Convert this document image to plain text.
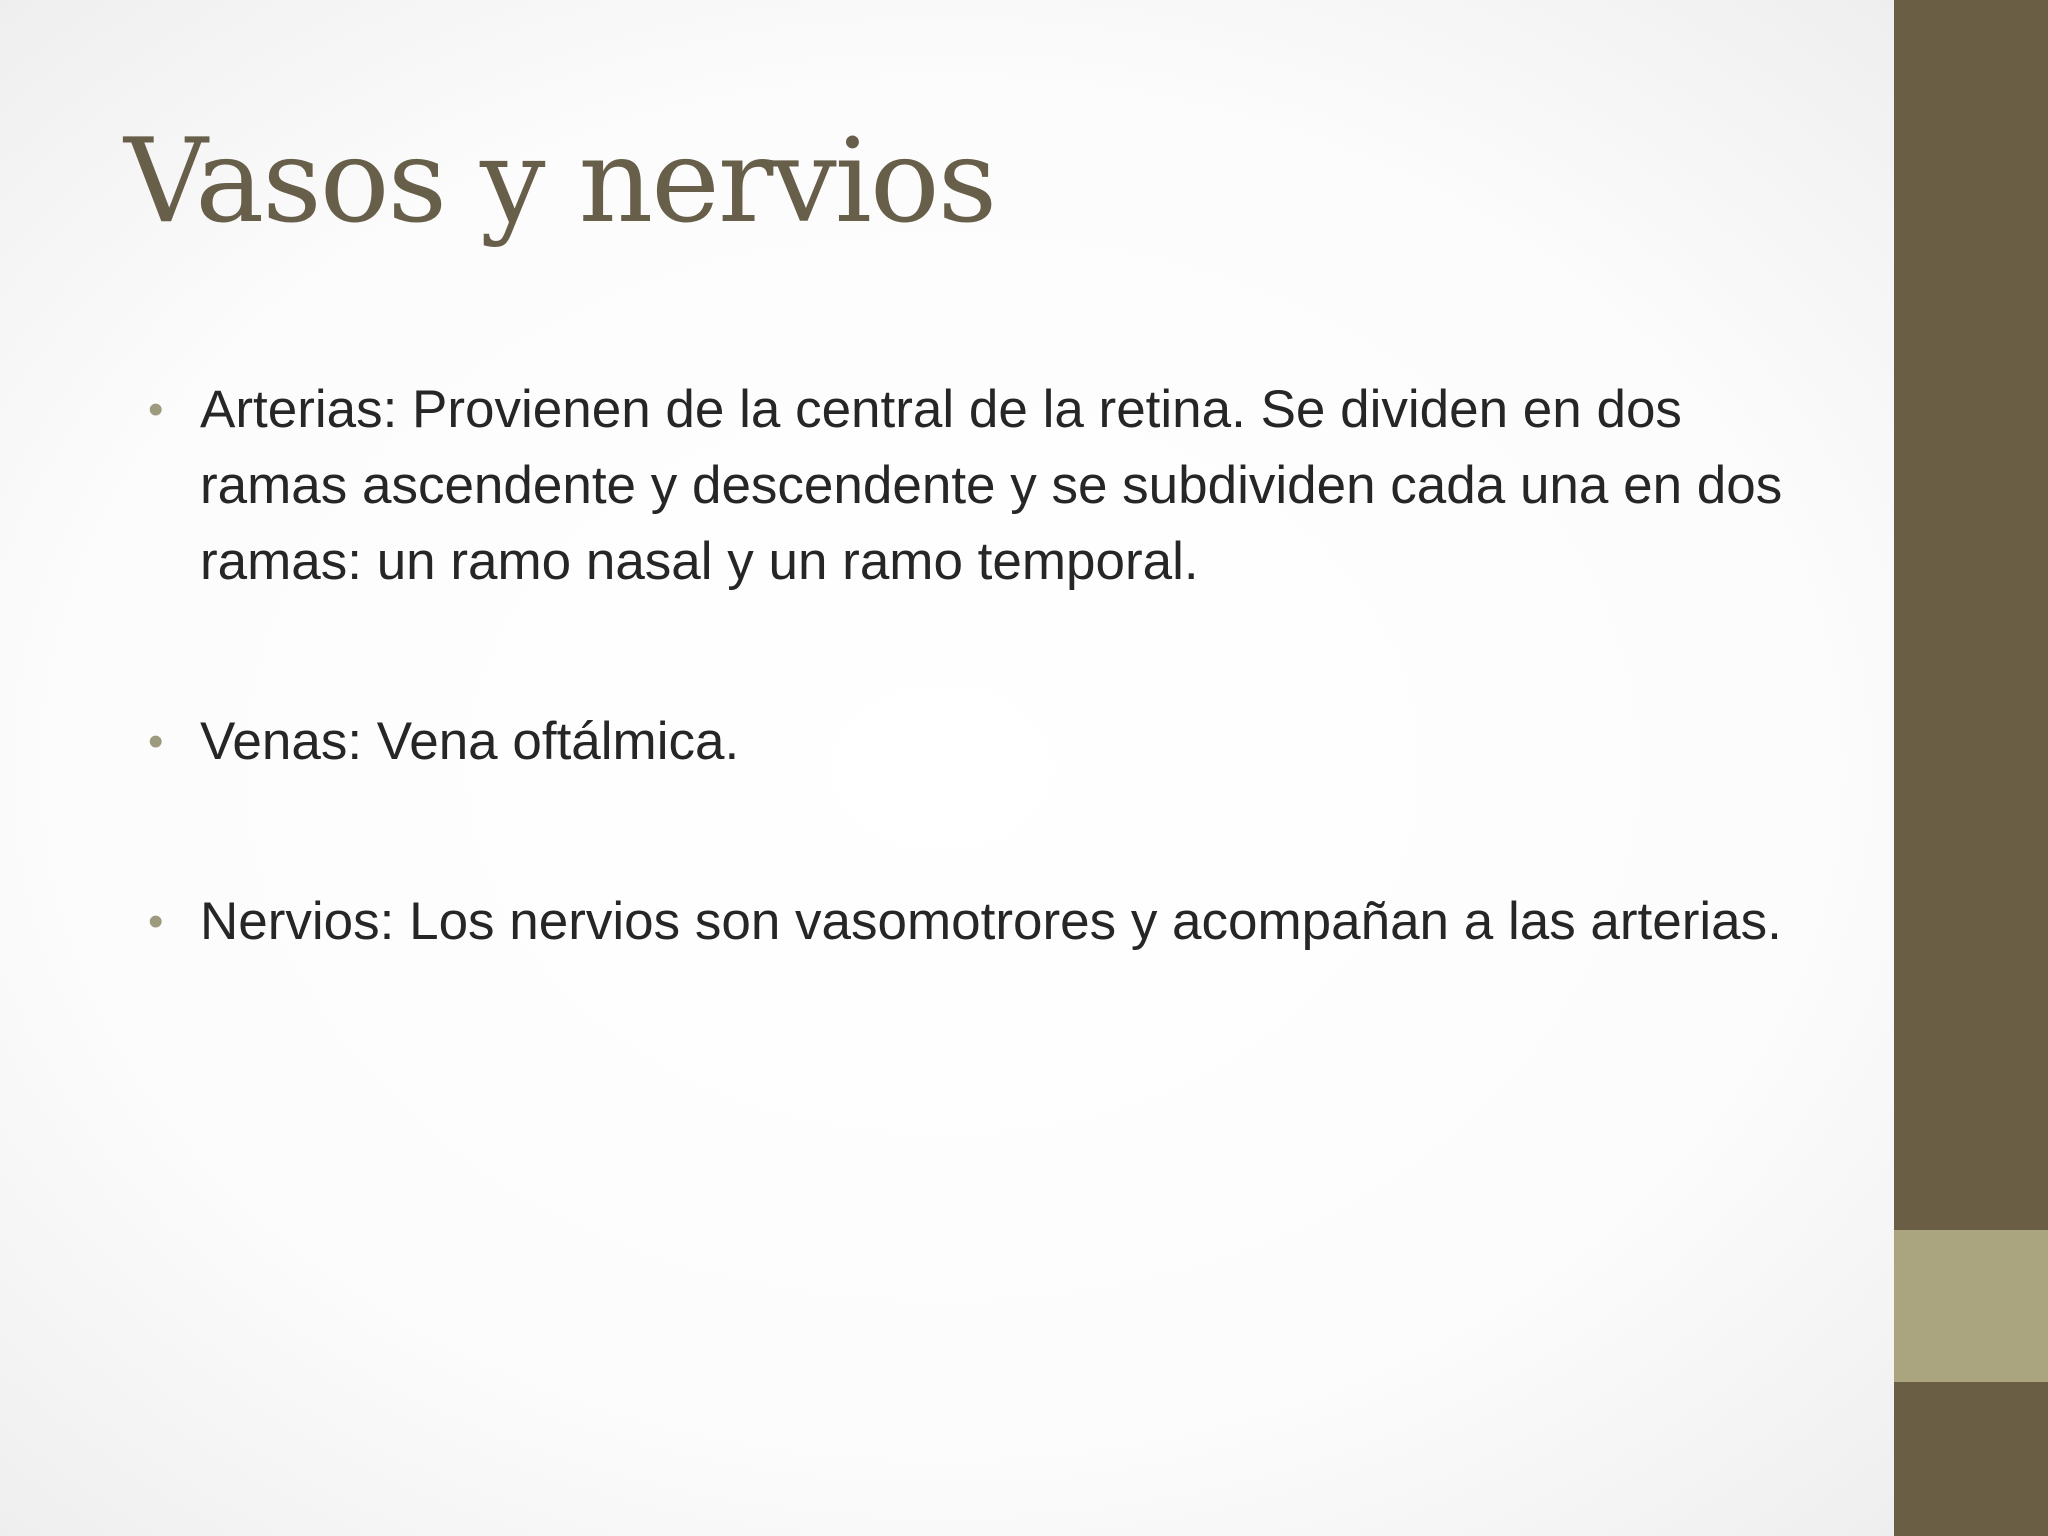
Vasos y nervios
• Arterias: Provienen de la central de la retina. Se dividen en dos ramas ascendente y descendente y se subdividen cada una en dos ramas: un ramo nasal y un ramo temporal.
• Venas: Vena oftálmica.
• Nervios: Los nervios son vasomotrores y acompañan a las arterias.
